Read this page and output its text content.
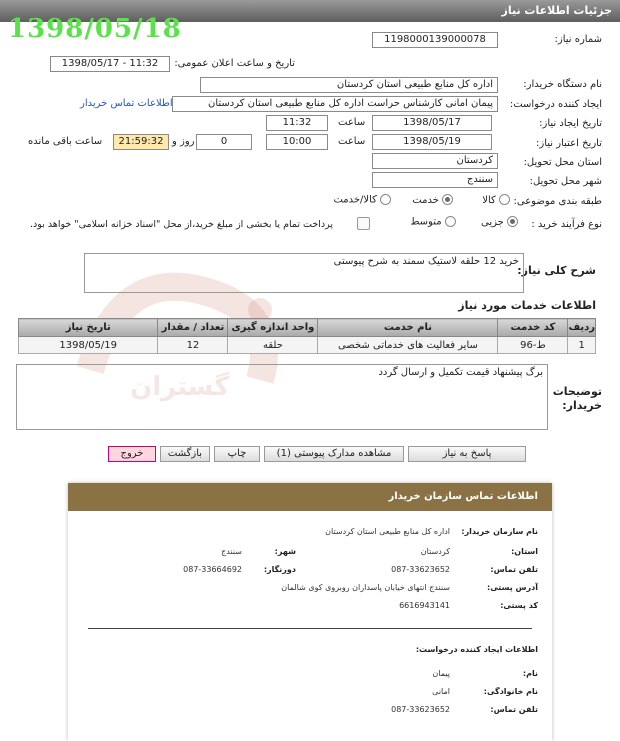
جزئیات اطلاعات نیاز
1398/05/18
گستران
شماره نیاز:
1198000139000078
تاریخ و ساعت اعلان عمومی:
1398/05/17 - 11:32
نام دستگاه خریدار:
اداره کل منابع طبیعی استان کردستان
ایجاد کننده درخواست:
پیمان امانی کارشناس حراست اداره کل منابع طبیعی استان کردستان
اطلاعات تماس خریدار
تاریخ ایجاد نیاز:
1398/05/17
ساعت
11:32
تاریخ اعتبار نیاز:
1398/05/19
ساعت
10:00
0
روز و
21:59:32
ساعت باقی مانده
استان محل تحویل:
کردستان
شهر محل تحویل:
سنندج
طبقه بندی موضوعی:
کالا  خدمت  کالا/خدمت
نوع فرآیند خرید :
جزیی  متوسط
پرداخت تمام یا بخشی از مبلغ خرید،از محل "اسناد خزانه اسلامی" خواهد بود.
شرح کلی نیاز:
خرید 12 حلقه لاستیک سمند به شرح پیوستی
اطلاعات خدمات مورد نیاز
ردیف	کد خدمت	نام خدمت	واحد اندازه گیری	تعداد / مقدار	تاریخ نیاز
1	ط-96	سایر فعالیت های خدماتی شخصی	حلقه	12	1398/05/19
توضیحات خریدار:
برگ پیشنهاد قیمت تکمیل و ارسال گردد
پاسخ به نیاز
مشاهده مدارک پیوستی (1)
چاپ
بازگشت
خروج
اطلاعات تماس سازمان خریدار
نام سازمان خریدار:
اداره کل منابع طبیعی استان کردستان
استان:
کردستان
شهر:
سنندج
تلفن تماس:
087-33623652
دورنگار:
087-33664692
آدرس پستی:
سنندج انتهای خیابان پاسداران روبروی کوی شالمان
کد پستی:
6616943141
اطلاعات ایجاد کننده درخواست:
نام:
پیمان
نام خانوادگی:
امانی
تلفن تماس:
087-33623652
